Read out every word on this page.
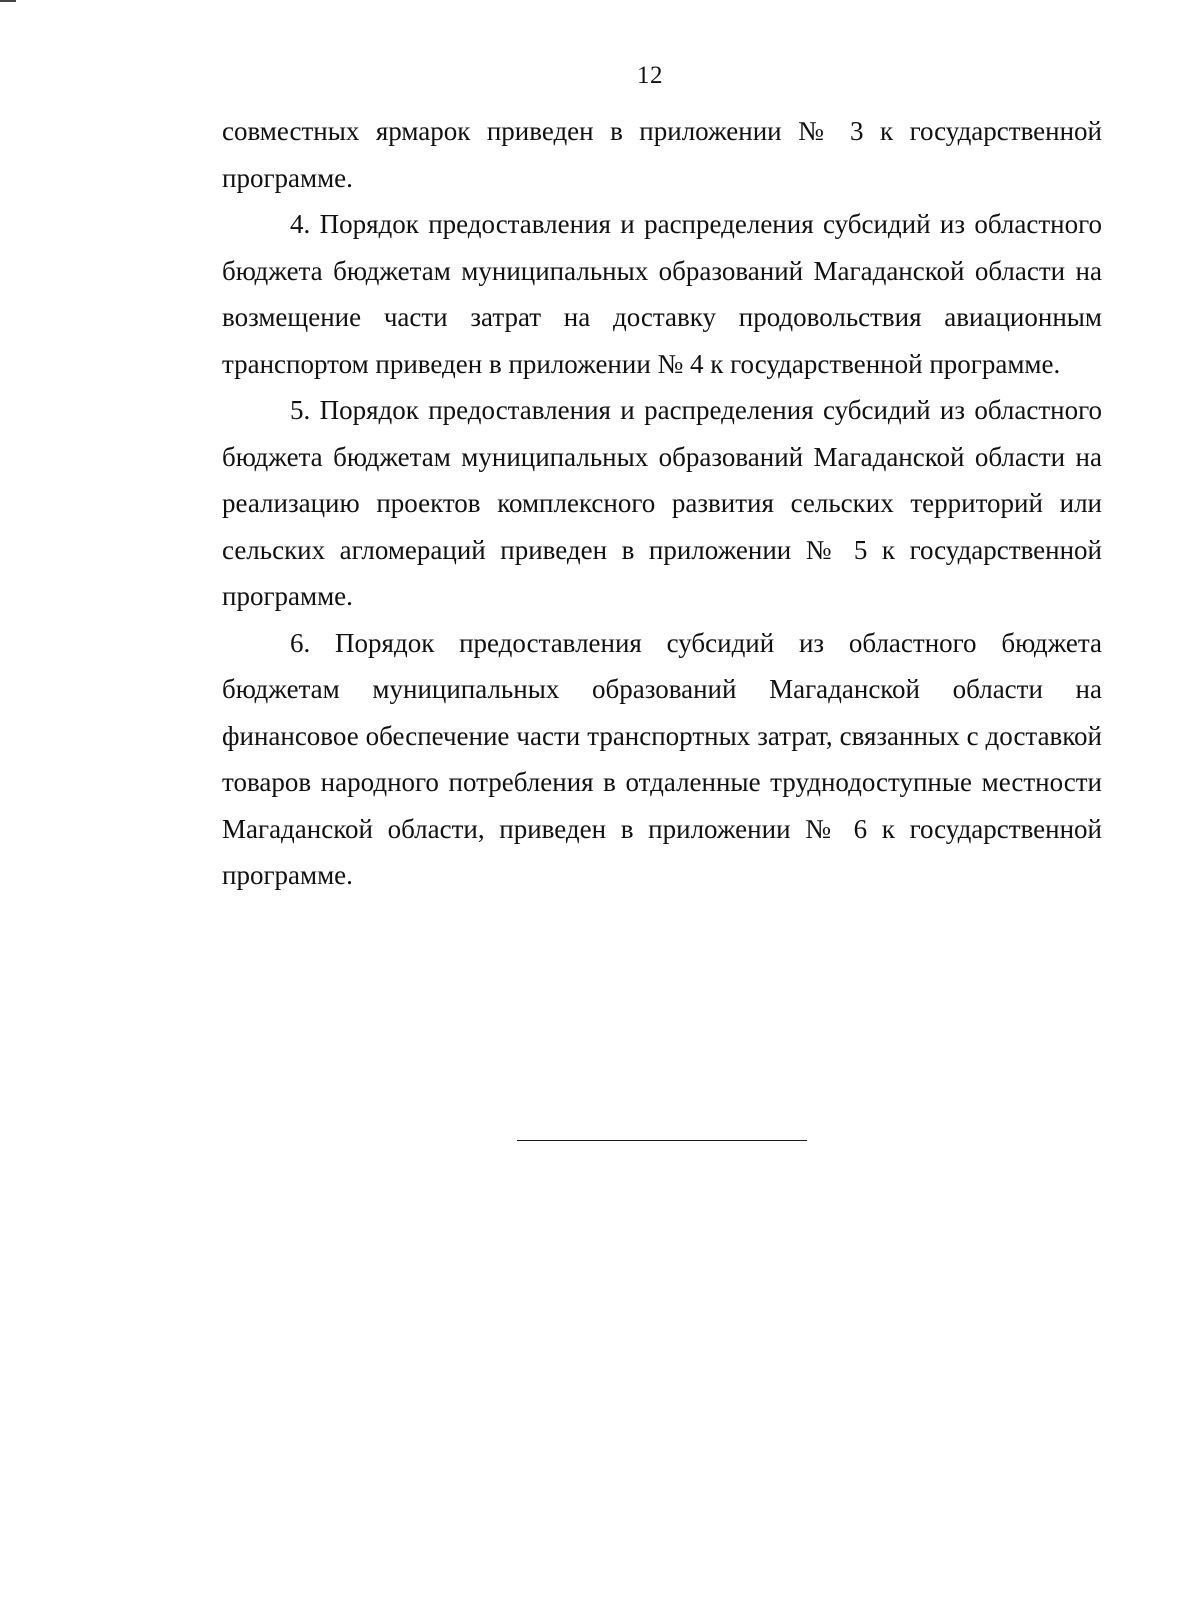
12

совместных ярмарок приведен в приложении № 3 к государственной программе.

4. Порядок предоставления и распределения субсидий из областного бюджета бюджетам муниципальных образований Магаданской области на возмещение части затрат на доставку продовольствия авиационным транспортом приведен в приложении № 4 к государственной программе.

5. Порядок предоставления и распределения субсидий из областного бюджета бюджетам муниципальных образований Магаданской области на реализацию проектов комплексного развития сельских территорий или сельских агломераций приведен в приложении № 5 к государственной программе.

6. Порядок предоставления субсидий из областного бюджета бюджетам муниципальных образований Магаданской области на финансовое обеспечение части транспортных затрат, связанных с доставкой товаров народного потребления в отдаленные труднодоступные местности Магаданской области, приведен в приложении № 6 к государственной программе.
